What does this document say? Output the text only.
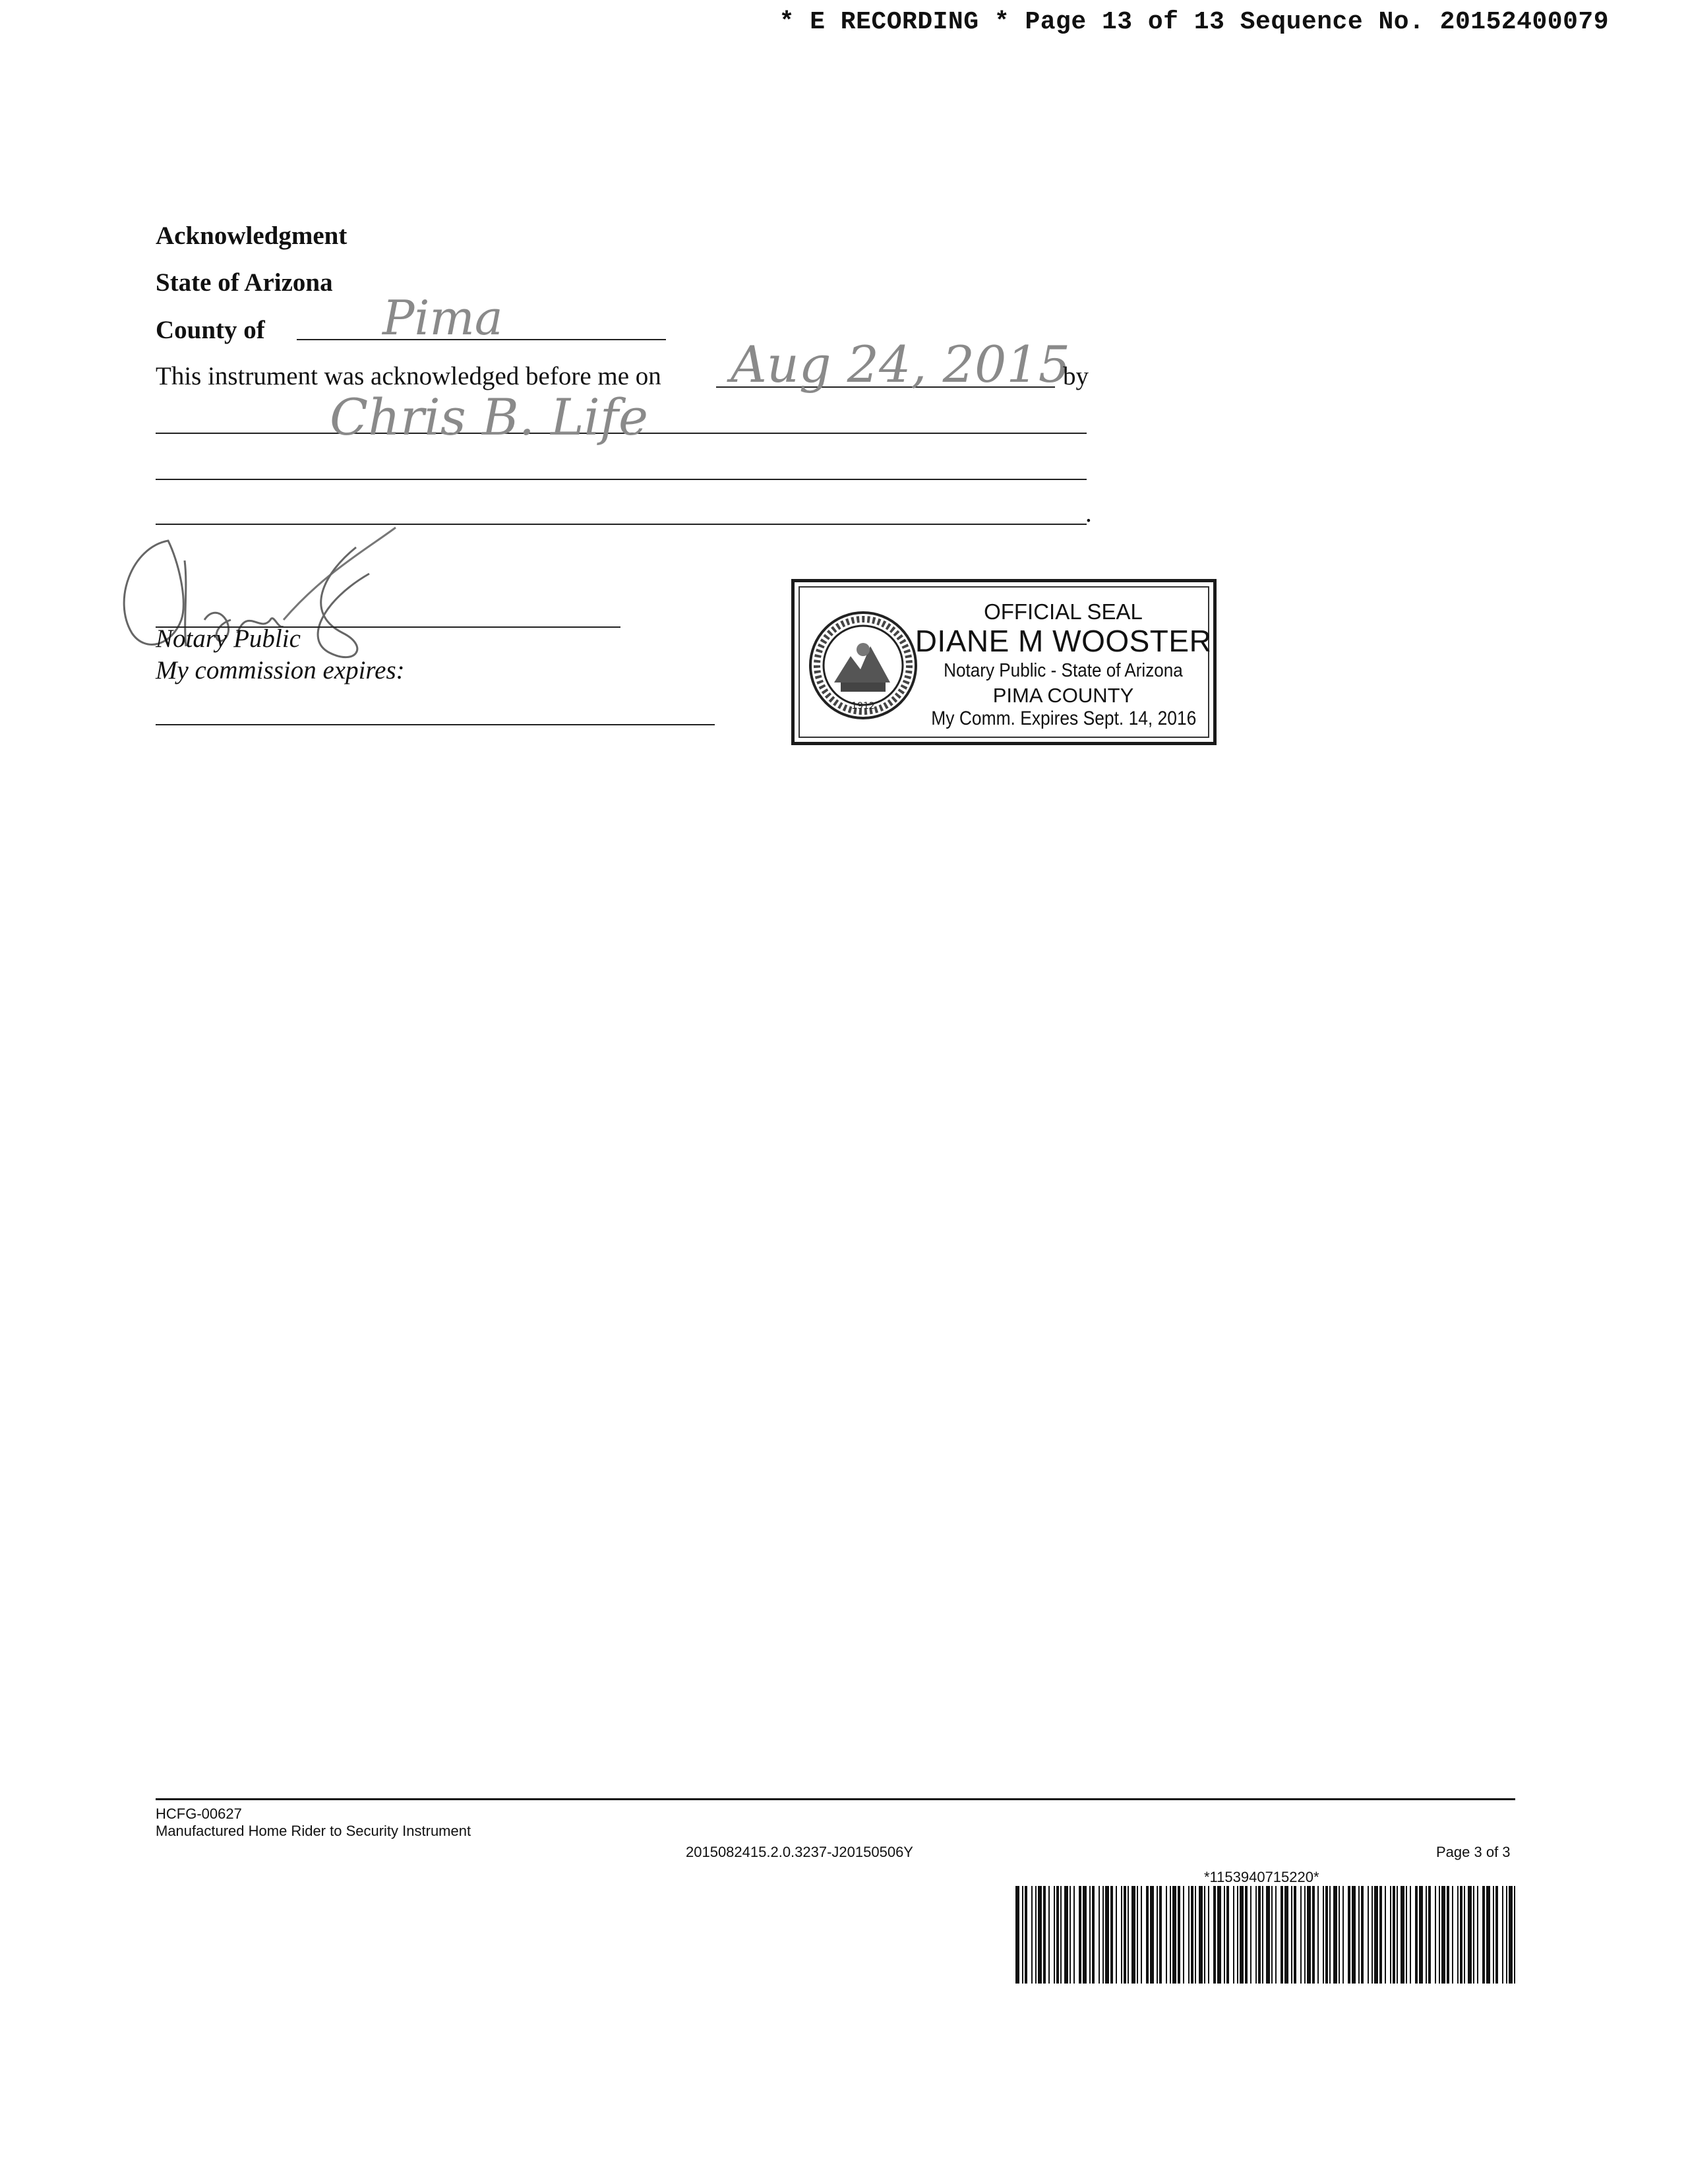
* E RECORDING * Page 13 of 13 Sequence No. 20152400079
Acknowledgment
State of Arizona
County of Pima
This instrument was acknowledged before me on Aug 24, 2015
by
Chris B. Life
.
Notary Public
My commission expires:
1912
OFFICIAL SEAL
DIANE M WOOSTER
Notary Public - State of Arizona
PIMA COUNTY
My Comm. Expires Sept. 14, 2016
HCFG-00627
Manufactured Home Rider to Security Instrument
2015082415.2.0.3237-J20150506Y	Page 3 of 3
*1153940715220*
